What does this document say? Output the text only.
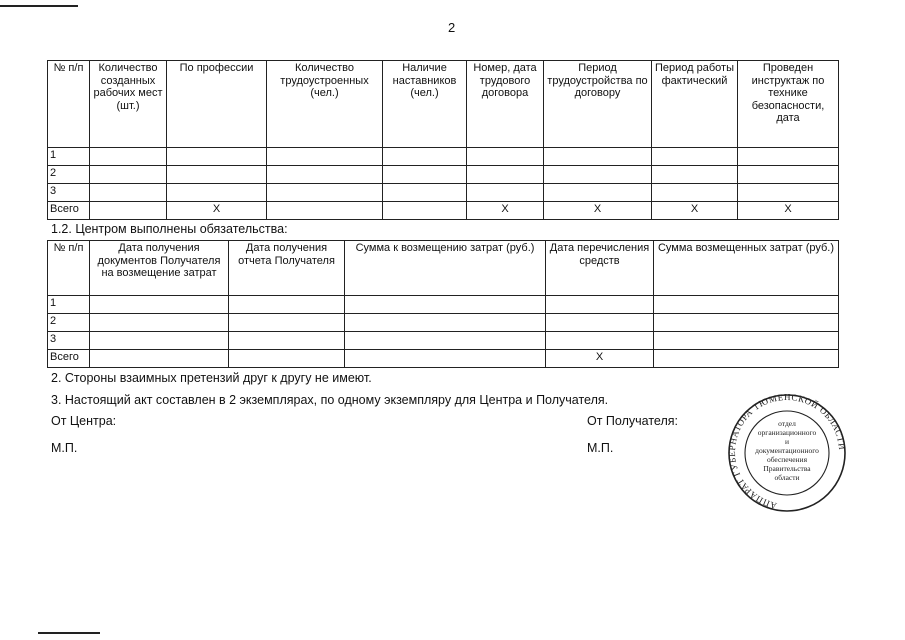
2
№ п/п	Количество созданных рабочих мест (шт.)	По профессии	Количество трудоустроенных (чел.)	Наличие наставников (чел.)	Номер, дата трудового договора	Период трудоустройства по договору	Период работы фактический	Проведен инструктаж по технике безопасности, дата
1								
2								
3								
Всего		X			X	X	X	X
1.2. Центром выполнены обязательства:
№ п/п	Дата получения документов Получателя на возмещение затрат	Дата получения отчета Получателя	Сумма к возмещению затрат (руб.)	Дата перечисления средств	Сумма возмещенных затрат (руб.)
1					
2					
3					
Всего				X	
2. Стороны взаимных претензий друг к другу не имеют.
3. Настоящий акт составлен в 2 экземплярах, по одному экземпляру для Центра и Получателя.
От Центра:	От Получателя:
М.П.	М.П.
АППАРАТ ГУБЕРНАТОРА ТЮМЕНСКОЙ ОБЛАСТИ
отдел
организационного
и
документационного
обеспечения
Правительства
области
